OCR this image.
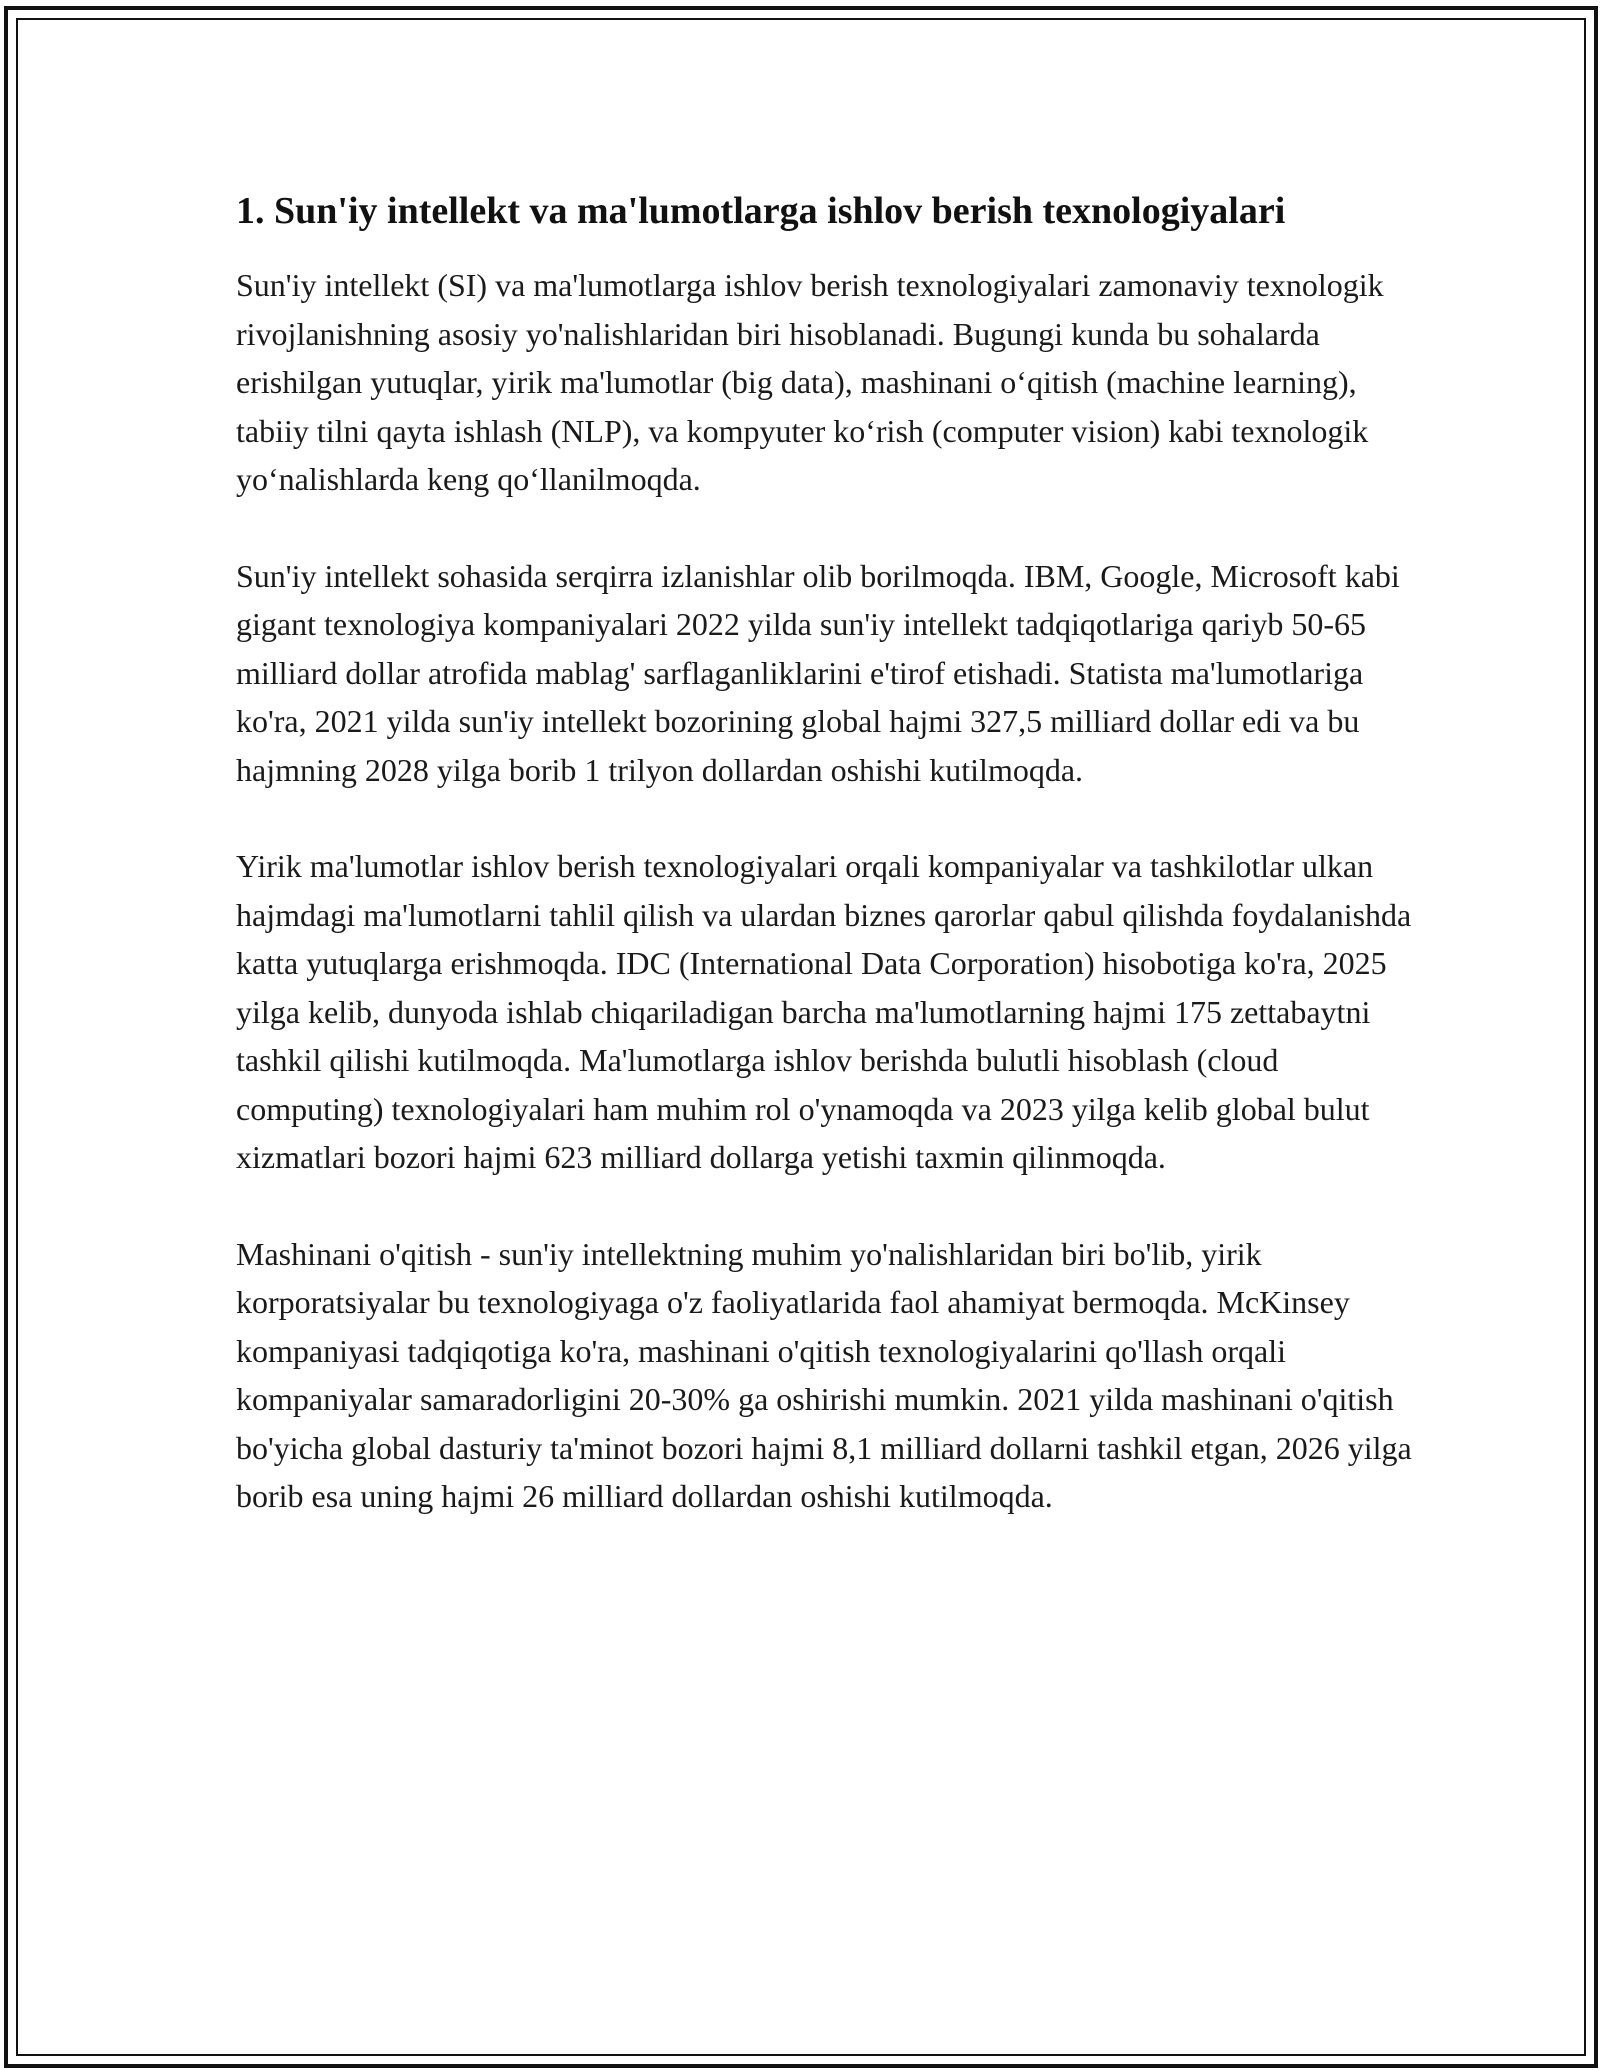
1. Sun'iy intellekt va ma'lumotlarga ishlov berish texnologiyalari

Sun'iy intellekt (SI) va ma'lumotlarga ishlov berish texnologiyalari zamonaviy texnologik rivojlanishning asosiy yo'nalishlaridan biri hisoblanadi. Bugungi kunda bu sohalarda erishilgan yutuqlar, yirik ma'lumotlar (big data), mashinani o‘qitish (machine learning), tabiiy tilni qayta ishlash (NLP), va kompyuter ko‘rish (computer vision) kabi texnologik yo‘nalishlarda keng qo‘llanilmoqda.

Sun'iy intellekt sohasida serqirra izlanishlar olib borilmoqda. IBM, Google, Microsoft kabi gigant texnologiya kompaniyalari 2022 yilda sun'iy intellekt tadqiqotlariga qariyb 50-65 milliard dollar atrofida mablag' sarflaganliklarini e'tirof etishadi. Statista ma'lumotlariga ko'ra, 2021 yilda sun'iy intellekt bozorining global hajmi 327,5 milliard dollar edi va bu hajmning 2028 yilga borib 1 trilyon dollardan oshishi kutilmoqda.

Yirik ma'lumotlar ishlov berish texnologiyalari orqali kompaniyalar va tashkilotlar ulkan hajmdagi ma'lumotlarni tahlil qilish va ulardan biznes qarorlar qabul qilishda foydalanishda katta yutuqlarga erishmoqda. IDC (International Data Corporation) hisobotiga ko'ra, 2025 yilga kelib, dunyoda ishlab chiqariladigan barcha ma'lumotlarning hajmi 175 zettabaytni tashkil qilishi kutilmoqda. Ma'lumotlarga ishlov berishda bulutli hisoblash (cloud computing) texnologiyalari ham muhim rol o'ynamoqda va 2023 yilga kelib global bulut xizmatlari bozori hajmi 623 milliard dollarga yetishi taxmin qilinmoqda.

Mashinani o'qitish - sun'iy intellektning muhim yo'nalishlaridan biri bo'lib, yirik korporatsiyalar bu texnologiyaga o'z faoliyatlarida faol ahamiyat bermoqda. McKinsey kompaniyasi tadqiqotiga ko'ra, mashinani o'qitish texnologiyalarini qo'llash orqali kompaniyalar samaradorligini 20-30% ga oshirishi mumkin. 2021 yilda mashinani o'qitish bo'yicha global dasturiy ta'minot bozori hajmi 8,1 milliard dollarni tashkil etgan, 2026 yilga borib esa uning hajmi 26 milliard dollardan oshishi kutilmoqda.
